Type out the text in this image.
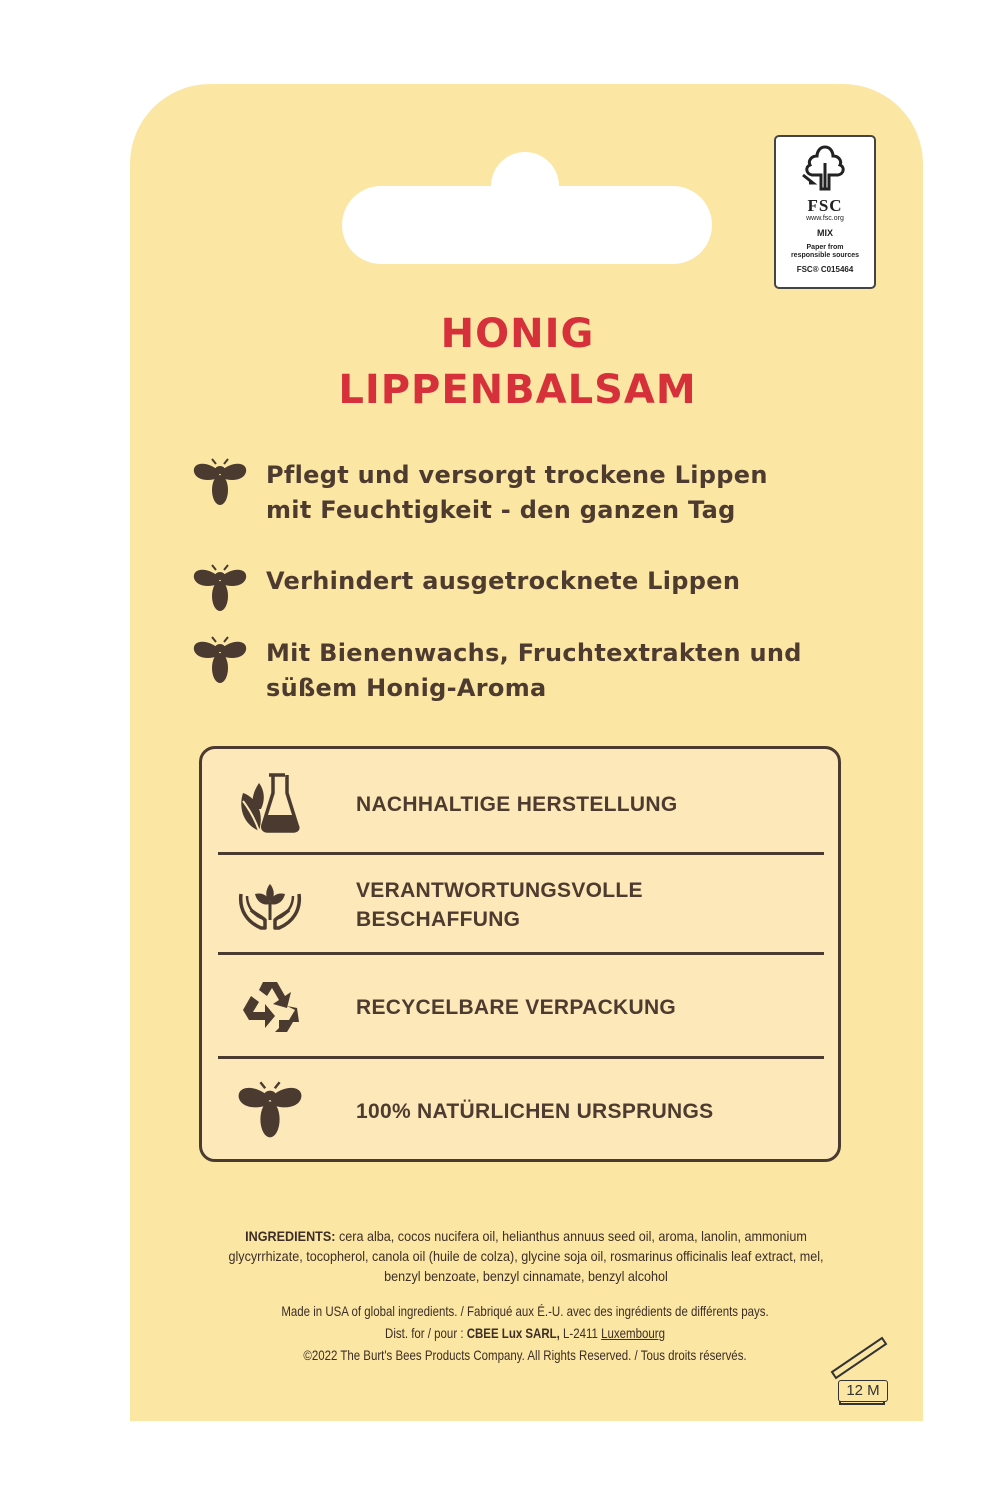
FSC
www.fsc.org
MIX
Paper from
responsible sources
FSC® C015464
HONIG
LIPPENBALSAM
Pflegt und versorgt trockene Lippen
mit Feuchtigkeit - den ganzen Tag
Verhindert ausgetrocknete Lippen
Mit Bienenwachs, Fruchtextrakten und
süßem Honig-Aroma
NACHHALTIGE HERSTELLUNG
VERANTWORTUNGSVOLLE
BESCHAFFUNG
RECYCELBARE VERPACKUNG
100% NATÜRLICHEN URSPRUNGS
INGREDIENTS: cera alba, cocos nucifera oil, helianthus annuus seed oil, aroma, lanolin, ammonium
glycyrrhizate, tocopherol, canola oil (huile de colza), glycine soja oil, rosmarinus officinalis leaf extract, mel,
benzyl benzoate, benzyl cinnamate, benzyl alcohol
Made in USA of global ingredients. / Fabriqué aux É.-U. avec des ingrédients de différents pays.
Dist. for / pour : CBEE Lux SARL, L-2411 Luxembourg
©2022 The Burt's Bees Products Company. All Rights Reserved. / Tous droits réservés.
12 M
